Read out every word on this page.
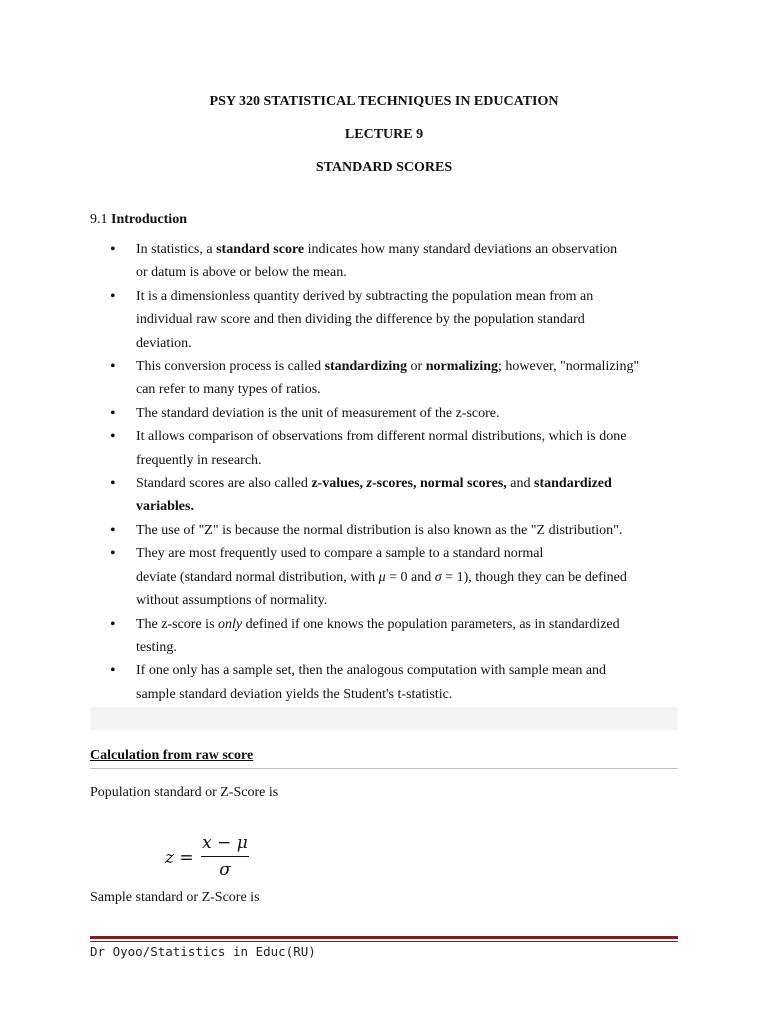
PSY 320 STATISTICAL TECHNIQUES IN EDUCATION
LECTURE 9
STANDARD SCORES
9.1 Introduction
• In statistics, a standard score indicates how many standard deviations an observation
or datum is above or below the mean.
• It is a dimensionless quantity derived by subtracting the population mean from an
individual raw score and then dividing the difference by the population standard
deviation.
• This conversion process is called standardizing or normalizing; however, "normalizing"
can refer to many types of ratios.
• The standard deviation is the unit of measurement of the z-score.
• It allows comparison of observations from different normal distributions, which is done
frequently in research.
• Standard scores are also called z-values, z-scores, normal scores, and standardized
variables.
• The use of "Z" is because the normal distribution is also known as the "Z distribution".
• They are most frequently used to compare a sample to a standard normal
deviate (standard normal distribution, with μ = 0 and σ = 1), though they can be defined
without assumptions of normality.
• The z-score is only defined if one knows the population parameters, as in standardized
testing.
• If one only has a sample set, then the analogous computation with sample mean and
sample standard deviation yields the Student's t-statistic.
Calculation from raw score
Population standard or Z-Score is
z =
x − μ
σ
Sample standard or Z-Score is
Dr Oyoo/Statistics in Educ(RU)
